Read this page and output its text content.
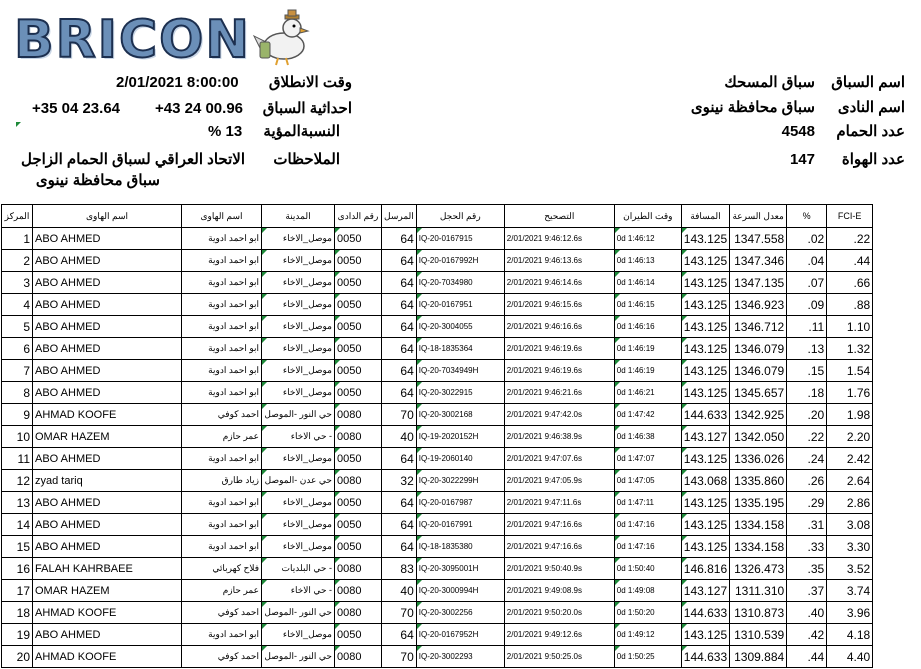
BRICON
اسم السباق
سباق المسحك
اسم النادى
سباق محافظة نينوى
عدد الحمام
4548
عدد الهواة
147
وقت الانطلاق
2/01/2021 8:00:00
احداثية السباق
+43 24 00.96
+35 04 23.64
النسبةالمؤية
% 13
الملاحظات
الاتحاد العراقي لسباق الحمام الزاجل
سباق محافظة نينوى
المركز	اسم الهاوى	اسم الهاوى	المدينة	رقم الدادى	المرسل	رقم الحجل	التصحيح	وقت الطيران	المسافة	معدل السرعة	%	FCI-E
1	ABO AHMED	ابو احمد ادوية	موصل_الاخاء	0050	64	IQ-20-0167915	2/01/2021 9:46:12.6s	0d 1:46:12	143.125	1347.558	.02	.22
2	ABO AHMED	ابو احمد ادوية	موصل_الاخاء	0050	64	IQ-20-0167992H	2/01/2021 9:46:13.6s	0d 1:46:13	143.125	1347.346	.04	.44
3	ABO AHMED	ابو احمد ادوية	موصل_الاخاء	0050	64	IQ-20-7034980	2/01/2021 9:46:14.6s	0d 1:46:14	143.125	1347.135	.07	.66
4	ABO AHMED	ابو احمد ادوية	موصل_الاخاء	0050	64	IQ-20-0167951	2/01/2021 9:46:15.6s	0d 1:46:15	143.125	1346.923	.09	.88
5	ABO AHMED	ابو احمد ادوية	موصل_الاخاء	0050	64	IQ-20-3004055	2/01/2021 9:46:16.6s	0d 1:46:16	143.125	1346.712	.11	1.10
6	ABO AHMED	ابو احمد ادوية	موصل_الاخاء	0050	64	IQ-18-1835364	2/01/2021 9:46:19.6s	0d 1:46:19	143.125	1346.079	.13	1.32
7	ABO AHMED	ابو احمد ادوية	موصل_الاخاء	0050	64	IQ-20-7034949H	2/01/2021 9:46:19.6s	0d 1:46:19	143.125	1346.079	.15	1.54
8	ABO AHMED	ابو احمد ادوية	موصل_الاخاء	0050	64	IQ-20-3022915	2/01/2021 9:46:21.6s	0d 1:46:21	143.125	1345.657	.18	1.76
9	AHMAD KOOFE	احمد كوفي	حي النور -الموصل	0080	70	IQ-20-3002168	2/01/2021 9:47:42.0s	0d 1:47:42	144.633	1342.925	.20	1.98
10	OMAR HAZEM	عمر حازم	- حي الاخاء	0080	40	IQ-19-2020152H	2/01/2021 9:46:38.9s	0d 1:46:38	143.127	1342.050	.22	2.20
11	ABO AHMED	ابو احمد ادوية	موصل_الاخاء	0050	64	IQ-19-2060140	2/01/2021 9:47:07.6s	0d 1:47:07	143.125	1336.026	.24	2.42
12	zyad tariq	زياد طارق	حي عدن -الموصل	0080	32	IQ-20-3022299H	2/01/2021 9:47:05.9s	0d 1:47:05	143.068	1335.860	.26	2.64
13	ABO AHMED	ابو احمد ادوية	موصل_الاخاء	0050	64	IQ-20-0167987	2/01/2021 9:47:11.6s	0d 1:47:11	143.125	1335.195	.29	2.86
14	ABO AHMED	ابو احمد ادوية	موصل_الاخاء	0050	64	IQ-20-0167991	2/01/2021 9:47:16.6s	0d 1:47:16	143.125	1334.158	.31	3.08
15	ABO AHMED	ابو احمد ادوية	موصل_الاخاء	0050	64	IQ-18-1835380	2/01/2021 9:47:16.6s	0d 1:47:16	143.125	1334.158	.33	3.30
16	FALAH KAHRBAEE	فلاح كهربائي	- حي البلديات	0080	83	IQ-20-3095001H	2/01/2021 9:50:40.9s	0d 1:50:40	146.816	1326.473	.35	3.52
17	OMAR HAZEM	عمر حازم	- حي الاخاء	0080	40	IQ-20-3000994H	2/01/2021 9:49:08.9s	0d 1:49:08	143.127	1311.310	.37	3.74
18	AHMAD KOOFE	احمد كوفي	حي النور -الموصل	0080	70	IQ-20-3002256	2/01/2021 9:50:20.0s	0d 1:50:20	144.633	1310.873	.40	3.96
19	ABO AHMED	ابو احمد ادوية	موصل_الاخاء	0050	64	IQ-20-0167952H	2/01/2021 9:49:12.6s	0d 1:49:12	143.125	1310.539	.42	4.18
20	AHMAD KOOFE	احمد كوفي	حي النور -الموصل	0080	70	IQ-20-3002293	2/01/2021 9:50:25.0s	0d 1:50:25	144.633	1309.884	.44	4.40
